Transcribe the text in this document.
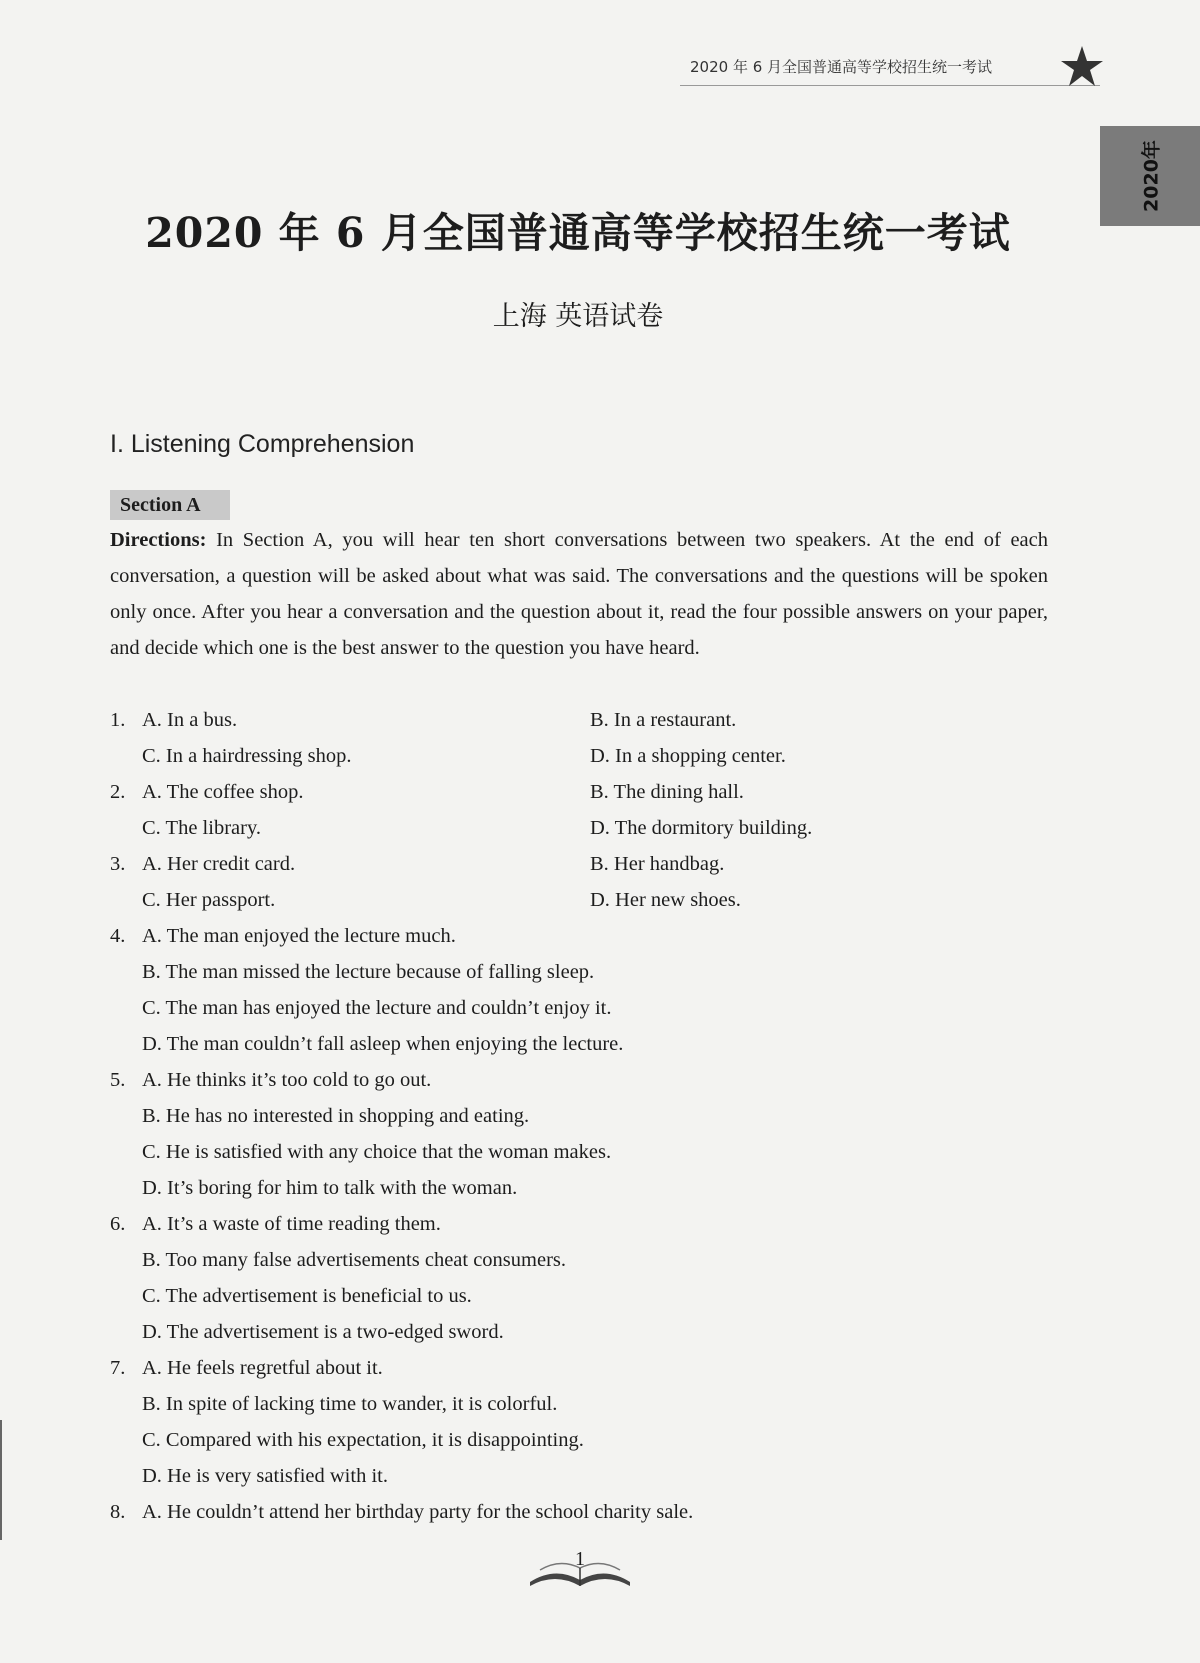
2020 年 6 月全国普通高等学校招生统一考试
2020年
2020 年 6 月全国普通高等学校招生统一考试
上海 英语试卷
I. Listening Comprehension
Section A
Directions: In Section A, you will hear ten short conversations between two speakers. At the end of each conversation, a question will be asked about what was said. The conversations and the questions will be spoken only once. After you hear a conversation and the question about it, read the four possible answers on your paper, and decide which one is the best answer to the question you have heard.
1. A. In a bus.	B. In a restaurant.
C. In a hairdressing shop.	D. In a shopping center.
2. A. The coffee shop.	B. The dining hall.
C. The library.	D. The dormitory building.
3. A. Her credit card.	B. Her handbag.
C. Her passport.	D. Her new shoes.
4. A. The man enjoyed the lecture much.
B. The man missed the lecture because of falling sleep.
C. The man has enjoyed the lecture and couldn’t enjoy it.
D. The man couldn’t fall asleep when enjoying the lecture.
5. A. He thinks it’s too cold to go out.
B. He has no interested in shopping and eating.
C. He is satisfied with any choice that the woman makes.
D. It’s boring for him to talk with the woman.
6. A. It’s a waste of time reading them.
B. Too many false advertisements cheat consumers.
C. The advertisement is beneficial to us.
D. The advertisement is a two-edged sword.
7. A. He feels regretful about it.
B. In spite of lacking time to wander, it is colorful.
C. Compared with his expectation, it is disappointing.
D. He is very satisfied with it.
8. A. He couldn’t attend her birthday party for the school charity sale.
1
